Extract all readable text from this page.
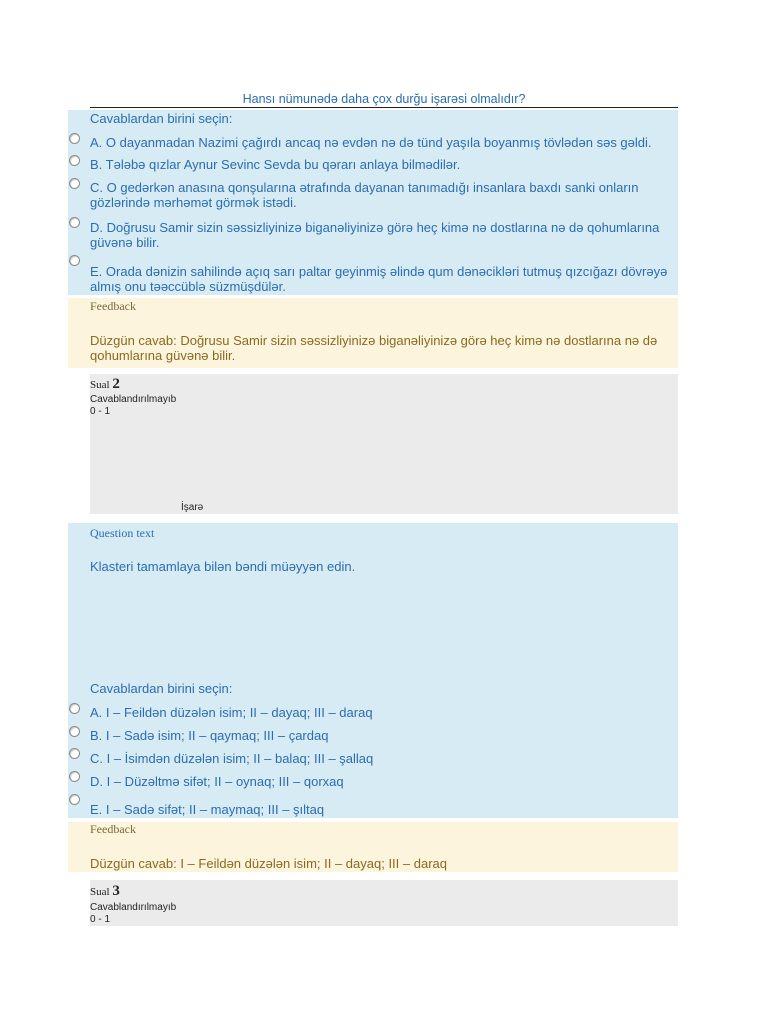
Hansı nümunədə daha çox durğu işarəsi olmalıdır?
Cavablardan birini seçin:
A. O dayanmadan Nazimi çağırdı ancaq nə evdən nə də tünd yaşıla boyanmış tövlədən səs gəldi.
B. Tələbə qızlar Aynur Sevinc Sevda bu qərarı anlaya bilmədilər.
C. O gedərkən anasına qonşularına ətrafında dayanan tanımadığı insanlara baxdı sanki onların
gözlərində mərhəmət görmək istədi.
D. Doğrusu Samir sizin səssizliyinizə biganəliyinizə görə heç kimə nə dostlarına nə də qohumlarına
güvənə bilir.
E. Orada dənizin sahilində açıq sarı paltar geyinmiş əlində qum dənəcikləri tutmuş qızcığazı dövrəyə
almış onu təəccüblə süzmüşdülər.
Feedback
Düzgün cavab: Doğrusu Samir sizin səssizliyinizə biganəliyinizə görə heç kimə nə dostlarına nə də
qohumlarına güvənə bilir.
Sual 2
Cavablandırılmayıb
0 - 1
İşarə
Question text
Klasteri tamamlaya bilən bəndi müəyyən edin.
Cavablardan birini seçin:
A. I – Feildən düzələn isim; II – dayaq; III – daraq
B. I – Sadə isim; II – qaymaq; III – çardaq
C. I – İsimdən düzələn isim; II – balaq; III – şallaq
D. I – Düzəltmə sifət; II – oynaq; III – qorxaq
E. I – Sadə sifət; II – maymaq; III – şıltaq
Feedback
Düzgün cavab: I – Feildən düzələn isim; II – dayaq; III – daraq
Sual 3
Cavablandırılmayıb
0 - 1
